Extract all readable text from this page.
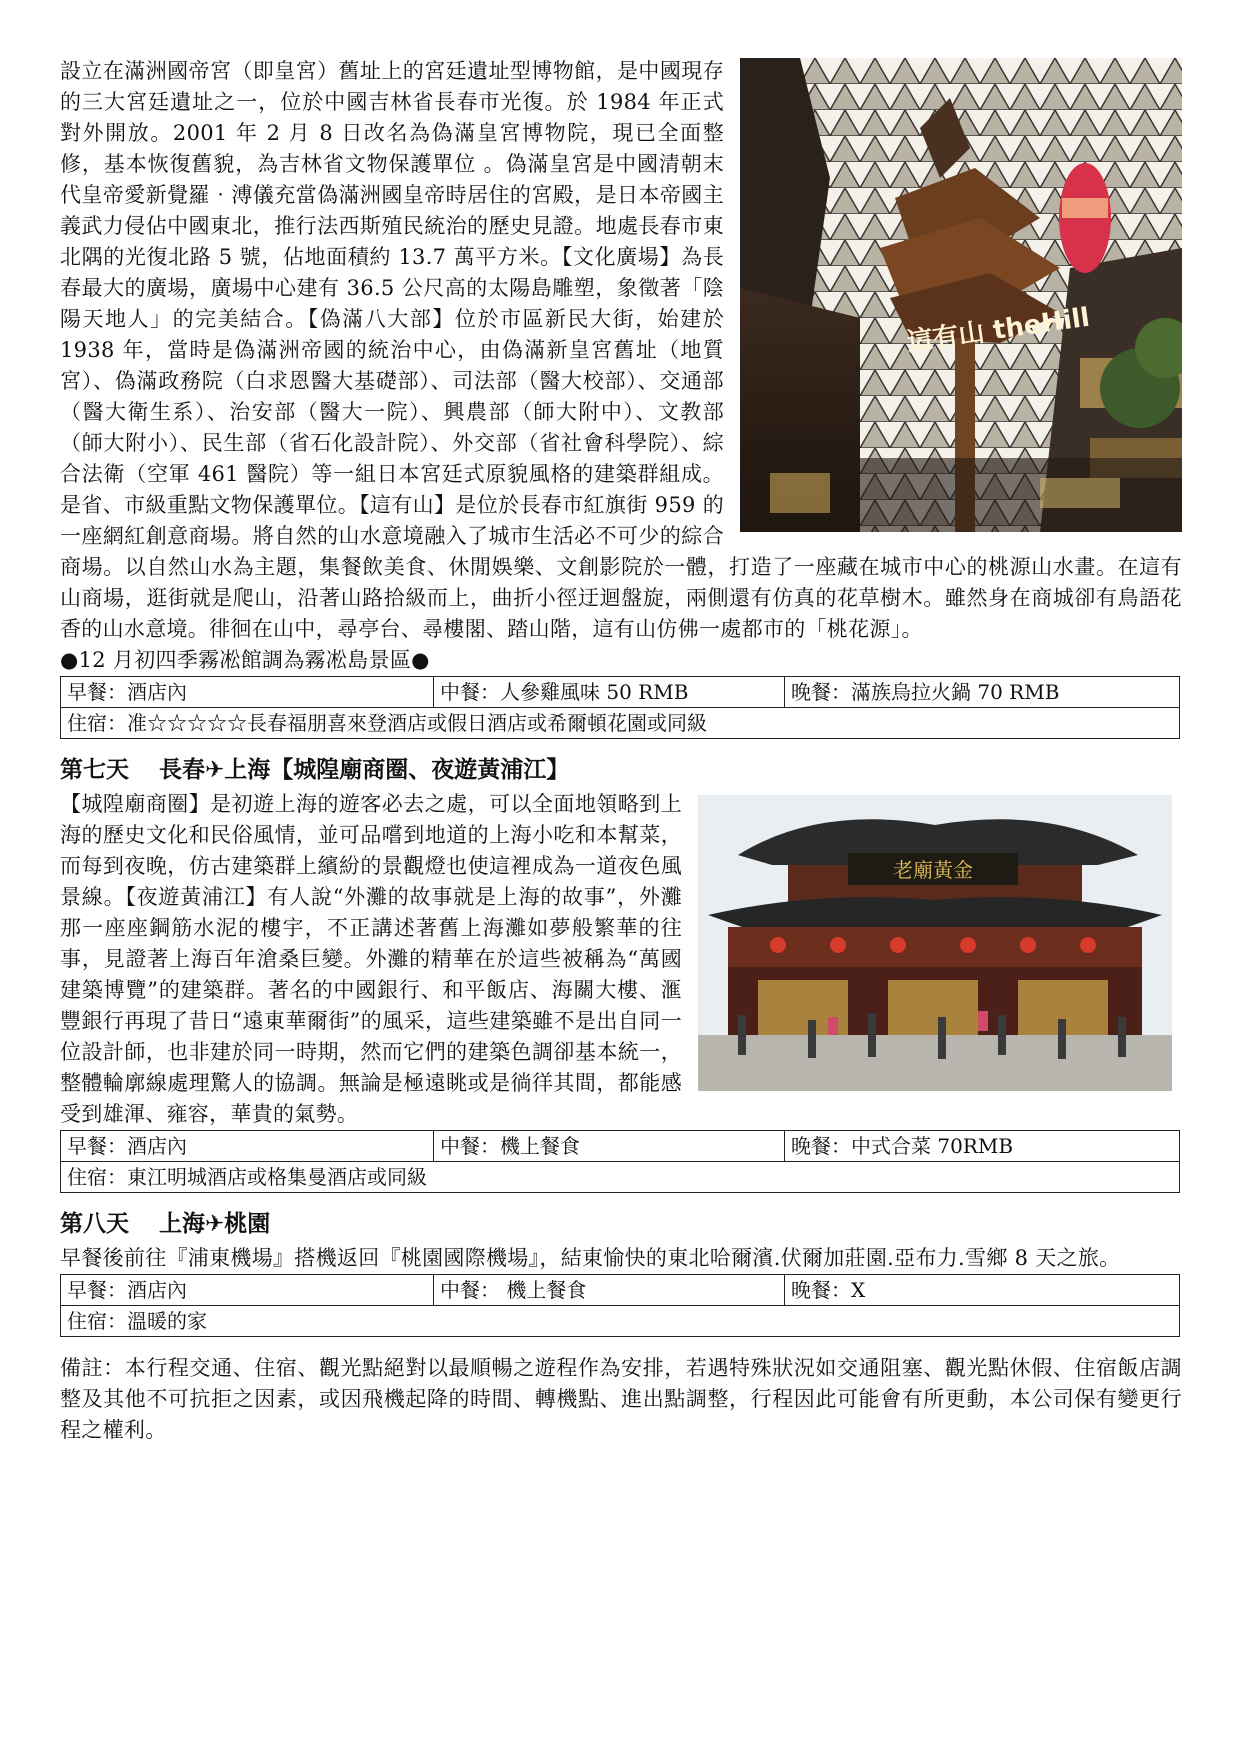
這有山 theHill

設立在滿洲國帝宮（即皇宮）舊址上的宮廷遺址型博物館，是中國現存的三大宮廷遺址之一，位於中國吉林省長春市光復。於 1984 年正式對外開放。2001 年 2 月 8 日改名為偽滿皇宮博物院，現已全面整修，基本恢復舊貌，為吉林省文物保護單位 。偽滿皇宮是中國清朝末代皇帝愛新覺羅‧溥儀充當偽滿洲國皇帝時居住的宮殿，是日本帝國主義武力侵佔中國東北，推行法西斯殖民統治的歷史見證。地處長春市東北隅的光復北路 5 號，佔地面積約 13.7 萬平方米。【文化廣場】為長春最大的廣場，廣場中心建有 36.5 公尺高的太陽島雕塑，象徵著「陰陽天地人」的完美結合。【偽滿八大部】位於市區新民大街，始建於 1938 年，當時是偽滿洲帝國的統治中心，由偽滿新皇宮舊址（地質宮）、偽滿政務院（白求恩醫大基礎部）、司法部（醫大校部）、交通部（醫大衛生系）、治安部（醫大一院）、興農部（師大附中）、文教部（師大附小）、民生部（省石化設計院）、外交部（省社會科學院）、綜合法衛（空軍 461 醫院）等一組日本宮廷式原貌風格的建築群組成。是省、市級重點文物保護單位。【這有山】是位於長春市紅旗街 959 的一座網紅創意商場。將自然的山水意境融入了城市生活必不可少的綜合商場。以自然山水為主題，集餐飲美食、休閒娛樂、文創影院於一體，打造了一座藏在城市中心的桃源山水畫。在這有山商場，逛街就是爬山，沿著山路拾級而上，曲折小徑迂迴盤旋，兩側還有仿真的花草樹木。雖然身在商城卻有鳥語花香的山水意境。徘徊在山中，尋亭台、尋樓閣、踏山階，這有山仿佛一處都市的「桃花源」。

●12 月初四季霧凇館調為霧凇島景區●

早餐：酒店內	中餐：人參雞風味 50 RMB	晚餐：滿族烏拉火鍋 70 RMB
住宿：准☆☆☆☆☆長春福朋喜來登酒店或假日酒店或希爾頓花園或同級
第七天 長春✈上海【城隍廟商圈、夜遊黃浦江】
老廟黃金

【城隍廟商圈】是初遊上海的遊客必去之處，可以全面地領略到上海的歷史文化和民俗風情，並可品嚐到地道的上海小吃和本幫菜，而每到夜晚，仿古建築群上繽紛的景觀燈也使這裡成為一道夜色風景線。【夜遊黃浦江】有人說“外灘的故事就是上海的故事”，外灘那一座座鋼筋水泥的樓宇，不正講述著舊上海灘如夢般繁華的往事，見證著上海百年滄桑巨變。外灘的精華在於這些被稱為“萬國建築博覽”的建築群。著名的中國銀行、和平飯店、海關大樓、滙豐銀行再現了昔日“遠東華爾街”的風采，這些建築雖不是出自同一位設計師，也非建於同一時期，然而它們的建築色調卻基本統一，整體輪廓線處理驚人的協調。無論是極遠眺或是徜徉其間，都能感受到雄渾、雍容，華貴的氣勢。

早餐：酒店內	中餐：機上餐食	晚餐：中式合菜 70RMB
住宿：東江明城酒店或格集曼酒店或同級
第八天 上海✈桃園

早餐後前往『浦東機場』搭機返回『桃園國際機場』，結東愉快的東北哈爾濱.伏爾加莊園.亞布力.雪鄉 8 天之旅。

早餐：酒店內	中餐： 機上餐食	晚餐：X
住宿：溫暖的家

備註：本行程交通、住宿、觀光點絕對以最順暢之遊程作為安排，若遇特殊狀況如交通阻塞、觀光點休假、住宿飯店調整及其他不可抗拒之因素，或因飛機起降的時間、轉機點、進出點調整，行程因此可能會有所更動，本公司保有變更行程之權利。
